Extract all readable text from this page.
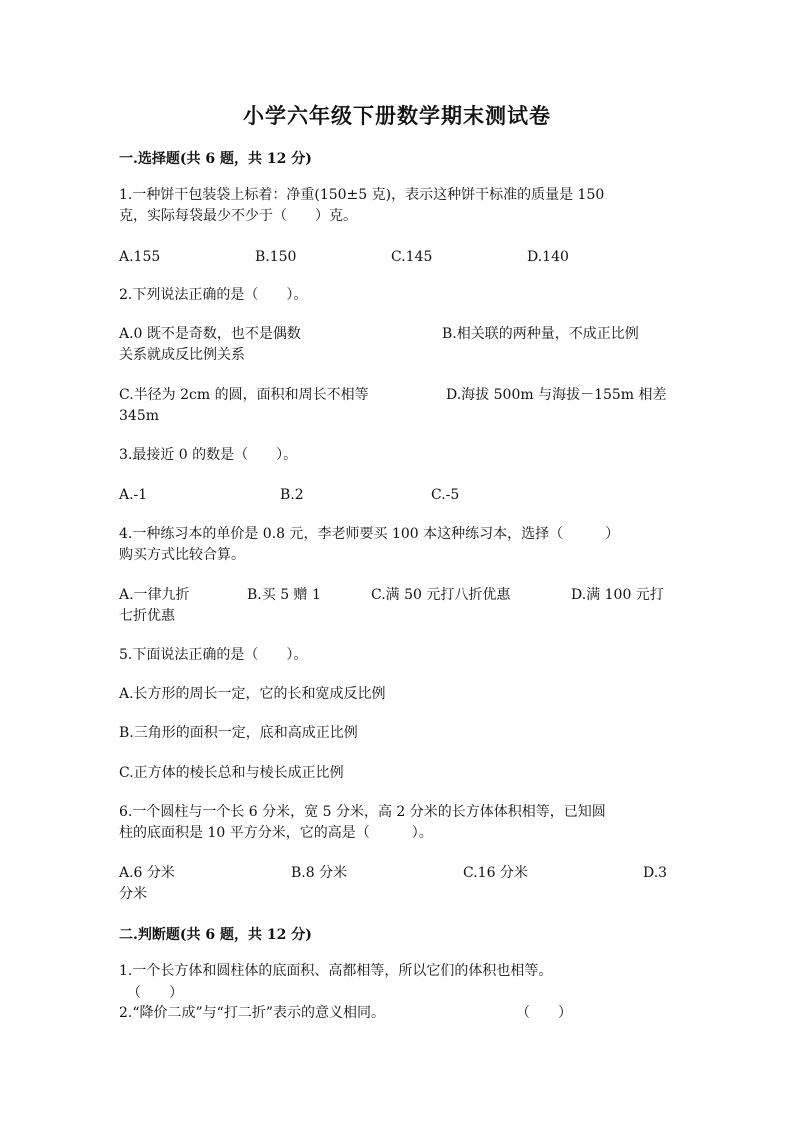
小学六年级下册数学期末测试卷
一.选择题(共 6 题，共 12 分)
1.一种饼干包装袋上标着：净重(150±5 克)，表示这种饼干标准的质量是 150
克，实际每袋最少不少于（　　）克。
A.155	B.150	C.145	D.140
2.下列说法正确的是（　　）。
A.0 既不是奇数，也不是偶数	B.相关联的两种量，不成正比例
关系就成反比例关系
C.半径为 2cm 的圆，面积和周长不相等	D.海拔 500m 与海拔－155m 相差
345m
3.最接近 0 的数是（　　）。
A.-1	B.2	C.-5
4.一种练习本的单价是 0.8 元，李老师要买 100 本这种练习本，选择（　　　）
购买方式比较合算。
A.一律九折	B.买 5 赠 1	C.满 50 元打八折优惠	D.满 100 元打
七折优惠
5.下面说法正确的是（　　）。
A.长方形的周长一定，它的长和宽成反比例
B.三角形的面积一定，底和高成正比例
C.正方体的棱长总和与棱长成正比例
6.一个圆柱与一个长 6 分米，宽 5 分米，高 2 分米的长方体体积相等，已知圆
柱的底面积是 10 平方分米，它的高是（　　　）。
A.6 分米	B.8 分米	C.16 分米	D.3
分米
二.判断题(共 6 题，共 12 分)
1.一个长方体和圆柱体的底面积、高都相等，所以它们的体积也相等。
（　　）
2.“降价二成”与“打二折”表示的意义相同。	（　　）
